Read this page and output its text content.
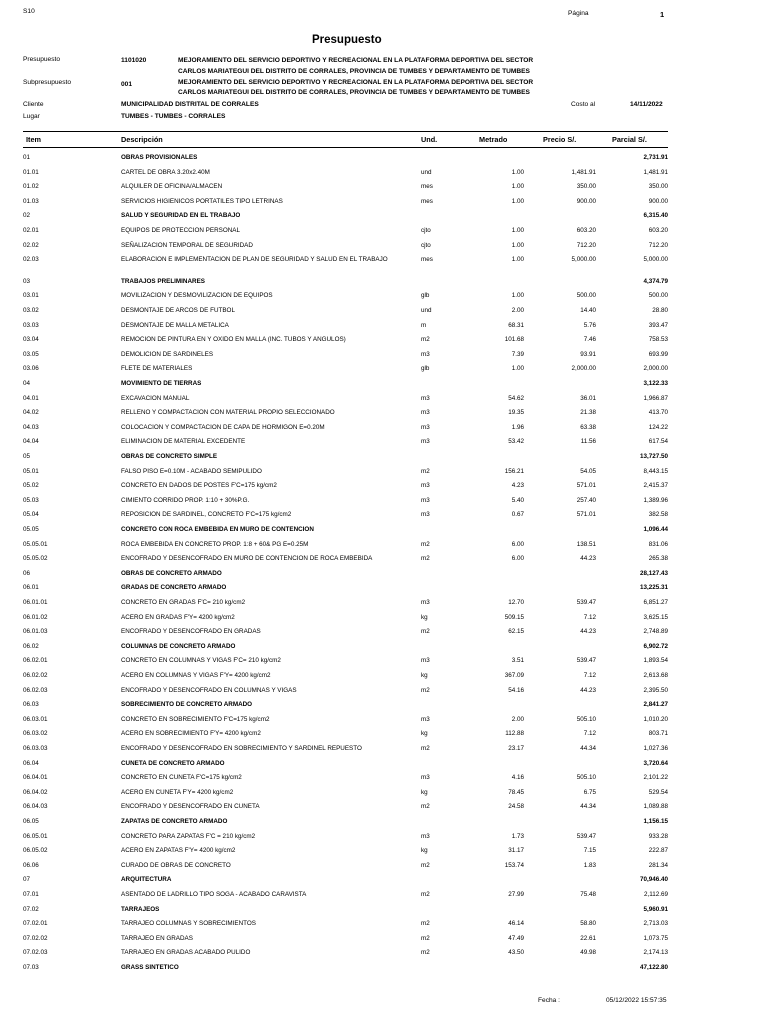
S10	Página	1
Presupuesto
Presupuesto	1101020	MEJORAMIENTO DEL SERVICIO DEPORTIVO Y RECREACIONAL EN LA PLATAFORMA DEPORTIVA DEL SECTOR
CARLOS MARIATEGUI DEL DISTRITO DE CORRALES, PROVINCIA DE TUMBES Y DEPARTAMENTO DE TUMBES
Subpresupuesto	001	MEJORAMIENTO DEL SERVICIO DEPORTIVO Y RECREACIONAL EN LA PLATAFORMA DEPORTIVA DEL SECTOR
CARLOS MARIATEGUI DEL DISTRITO DE CORRALES, PROVINCIA DE TUMBES Y DEPARTAMENTO DE TUMBES
Cliente	MUNICIPALIDAD DISTRITAL DE CORRALES	Costo al	14/11/2022
Lugar	TUMBES - TUMBES - CORRALES
Item	Descripción	Und.	Metrado	Precio S/.	Parcial S/.
01	OBRAS PROVISIONALES	2,731.91
01.01	CARTEL DE OBRA 3.20x2.40M	und	1.00	1,481.91	1,481.91
01.02	ALQUILER DE OFICINA/ALMACEN	mes	1.00	350.00	350.00
01.03	SERVICIOS HIGIENICOS PORTATILES TIPO LETRINAS	mes	1.00	900.00	900.00
02	SALUD Y SEGURIDAD EN EL TRABAJO	6,315.40
02.01	EQUIPOS DE PROTECCION PERSONAL	cjto	1.00	603.20	603.20
02.02	SEÑALIZACION TEMPORAL DE SEGURIDAD	cjto	1.00	712.20	712.20
02.03	ELABORACION E IMPLEMENTACION DE PLAN DE SEGURIDAD Y SALUD EN EL TRABAJO	mes	1.00	5,000.00	5,000.00
03	TRABAJOS PRELIMINARES	4,374.79
03.01	MOVILIZACION Y DESMOVILIZACION DE EQUIPOS	glb	1.00	500.00	500.00
03.02	DESMONTAJE DE ARCOS DE FUTBOL	und	2.00	14.40	28.80
03.03	DESMONTAJE DE MALLA METALICA	m	68.31	5.76	393.47
03.04	REMOCION DE PINTURA EN Y OXIDO EN MALLA (INC. TUBOS Y ANGULOS)	m2	101.68	7.46	758.53
03.05	DEMOLICION DE SARDINELES	m3	7.39	93.91	693.99
03.06	FLETE DE MATERIALES	glb	1.00	2,000.00	2,000.00
04	MOVIMIENTO DE TIERRAS	3,122.33
04.01	EXCAVACION MANUAL	m3	54.62	36.01	1,966.87
04.02	RELLENO Y COMPACTACION CON MATERIAL PROPIO SELECCIONADO	m3	19.35	21.38	413.70
04.03	COLOCACION Y COMPACTACION DE CAPA DE HORMIGON E=0.20M	m3	1.96	63.38	124.22
04.04	ELIMINACION DE MATERIAL EXCEDENTE	m3	53.42	11.56	617.54
05	OBRAS DE CONCRETO SIMPLE	13,727.50
05.01	FALSO PISO E=0.10M - ACABADO SEMIPULIDO	m2	156.21	54.05	8,443.15
05.02	CONCRETO EN DADOS DE POSTES F'C=175 kg/cm2	m3	4.23	571.01	2,415.37
05.03	CIMIENTO CORRIDO PROP. 1:10 + 30%P.G.	m3	5.40	257.40	1,389.96
05.04	REPOSICION DE SARDINEL, CONCRETO F'C=175 kg/cm2	m3	0.67	571.01	382.58
05.05	CONCRETO CON ROCA EMBEBIDA EN MURO DE CONTENCION	1,096.44
05.05.01	ROCA EMBEBIDA EN CONCRETO PROP. 1:8 + 60& PG E=0.25M	m2	6.00	138.51	831.06
05.05.02	ENCOFRADO Y DESENCOFRADO EN MURO DE CONTENCION DE ROCA EMBEBIDA	m2	6.00	44.23	265.38
06	OBRAS DE CONCRETO ARMADO	28,127.43
06.01	GRADAS DE CONCRETO ARMADO	13,225.31
06.01.01	CONCRETO EN GRADAS F'C= 210 kg/cm2	m3	12.70	539.47	6,851.27
06.01.02	ACERO EN GRADAS F'Y= 4200 kg/cm2	kg	509.15	7.12	3,625.15
06.01.03	ENCOFRADO Y DESENCOFRADO EN GRADAS	m2	62.15	44.23	2,748.89
06.02	COLUMNAS DE CONCRETO ARMADO	6,902.72
06.02.01	CONCRETO EN COLUMNAS Y VIGAS F'C= 210 kg/cm2	m3	3.51	539.47	1,893.54
06.02.02	ACERO EN COLUMNAS Y VIGAS F'Y= 4200 kg/cm2	kg	367.09	7.12	2,613.68
06.02.03	ENCOFRADO Y DESENCOFRADO EN COLUMNAS Y VIGAS	m2	54.16	44.23	2,395.50
06.03	SOBRECIMIENTO DE CONCRETO ARMADO	2,841.27
06.03.01	CONCRETO EN SOBRECIMIENTO F'C=175 kg/cm2	m3	2.00	505.10	1,010.20
06.03.02	ACERO EN SOBRECIMIENTO F'Y= 4200 kg/cm2	kg	112.88	7.12	803.71
06.03.03	ENCOFRADO Y DESENCOFRADO EN SOBRECIMIENTO Y SARDINEL REPUESTO	m2	23.17	44.34	1,027.36
06.04	CUNETA DE CONCRETO ARMADO	3,720.64
06.04.01	CONCRETO EN CUNETA F'C=175 kg/cm2	m3	4.16	505.10	2,101.22
06.04.02	ACERO EN CUNETA F'Y= 4200 kg/cm2	kg	78.45	6.75	529.54
06.04.03	ENCOFRADO Y DESENCOFRADO EN CUNETA	m2	24.58	44.34	1,089.88
06.05	ZAPATAS DE CONCRETO ARMADO	1,156.15
06.05.01	CONCRETO PARA ZAPATAS F'C = 210 kg/cm2	m3	1.73	539.47	933.28
06.05.02	ACERO EN ZAPATAS F'Y= 4200 kg/cm2	kg	31.17	7.15	222.87
06.06	CURADO DE OBRAS DE CONCRETO	m2	153.74	1.83	281.34
07	ARQUITECTURA	70,946.40
07.01	ASENTADO DE LADRILLO TIPO SOGA - ACABADO CARAVISTA	m2	27.99	75.48	2,112.69
07.02	TARRAJEOS	5,960.91
07.02.01	TARRAJEO COLUMNAS Y SOBRECIMIENTOS	m2	46.14	58.80	2,713.03
07.02.02	TARRAJEO EN GRADAS	m2	47.49	22.61	1,073.75
07.02.03	TARRAJEO EN GRADAS ACABADO PULIDO	m2	43.50	49.98	2,174.13
07.03	GRASS SINTETICO	47,122.80
Fecha :	05/12/2022 15:57:35
